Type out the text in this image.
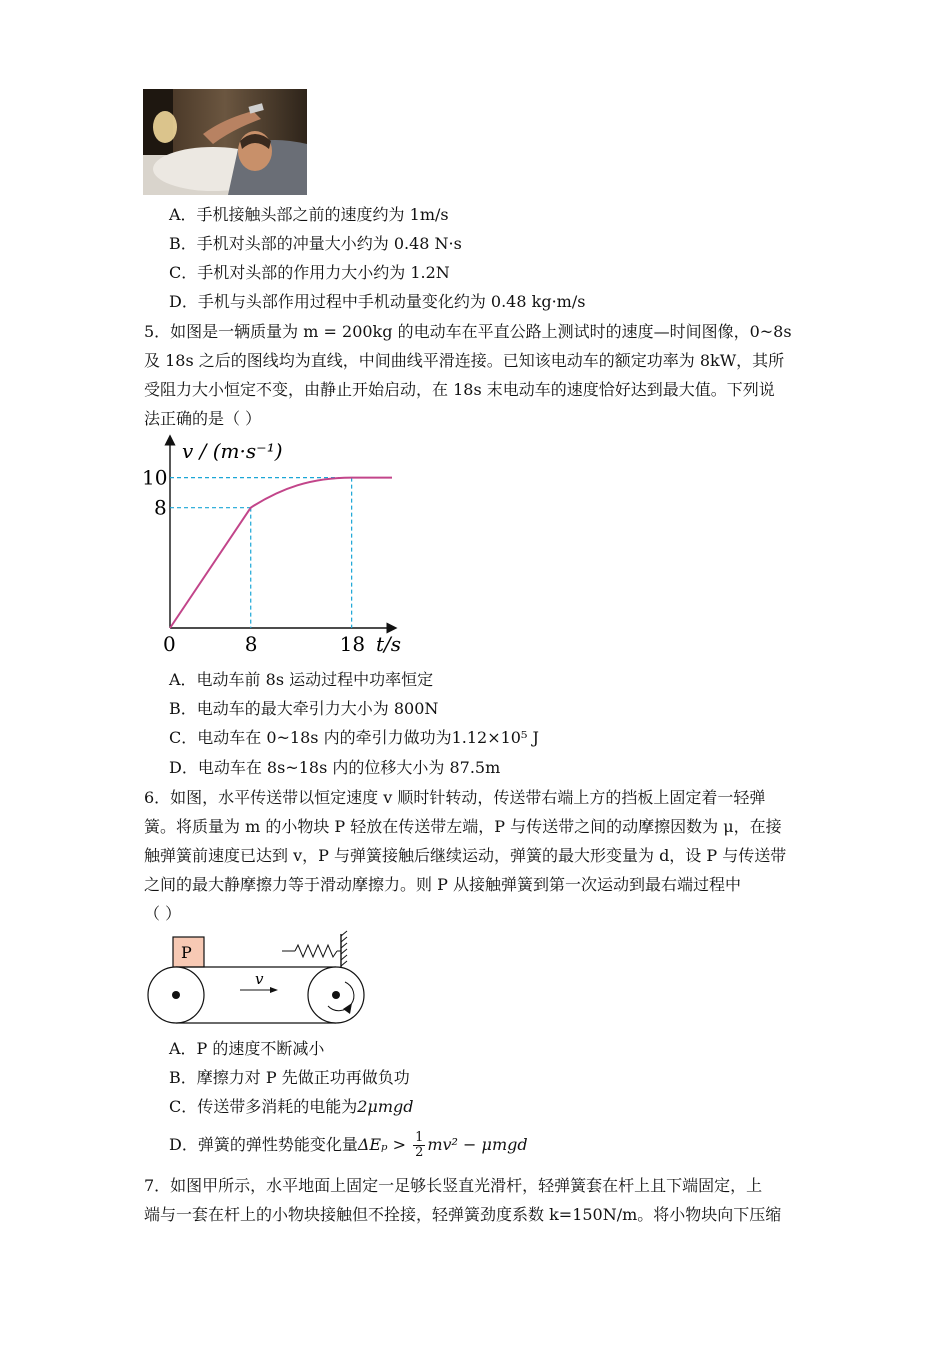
A．手机接触头部之前的速度约为 1m/s
B．手机对头部的冲量大小约为 0.48 N·s
C．手机对头部的作用力大小约为 1.2N
D．手机与头部作用过程中手机动量变化约为 0.48 kg·m/s
5．如图是一辆质量为 m = 200kg 的电动车在平直公路上测试时的速度—时间图像，0~8s
及 18s 之后的图线均为直线，中间曲线平滑连接。已知该电动车的额定功率为 8kW，其所
受阻力大小恒定不变，由静止开始启动，在 18s 末电动车的速度恰好达到最大值。下列说
法正确的是（ ）
v / (m·s⁻¹)
t/s
0	8	18
8
10
A．电动车前 8s 运动过程中功率恒定
B．电动车的最大牵引力大小为 800N
C．电动车在 0~18s 内的牵引力做功为1.12×10⁵ J
D．电动车在 8s~18s 内的位移大小为 87.5m
6．如图，水平传送带以恒定速度 v 顺时针转动，传送带右端上方的挡板上固定着一轻弹
簧。将质量为 m 的小物块 P 轻放在传送带左端，P 与传送带之间的动摩擦因数为 μ，在接
触弹簧前速度已达到 v，P 与弹簧接触后继续运动，弹簧的最大形变量为 d，设 P 与传送带
之间的最大静摩擦力等于滑动摩擦力。则 P 从接触弹簧到第一次运动到最右端过程中
（ ）
P
v
A．P 的速度不断减小
B．摩擦力对 P 先做正功再做负功
C．传送带多消耗的电能为2μmgd
D．弹簧的弹性势能变化量$\Delta E_p > \frac{1}{2} mv^2 - \mu mgd$
7．如图甲所示，水平地面上固定一足够长竖直光滑杆，轻弹簧套在杆上且下端固定，上
端与一套在杆上的小物块接触但不拴接，轻弹簧劲度系数 k=150N/m。将小物块向下压缩
